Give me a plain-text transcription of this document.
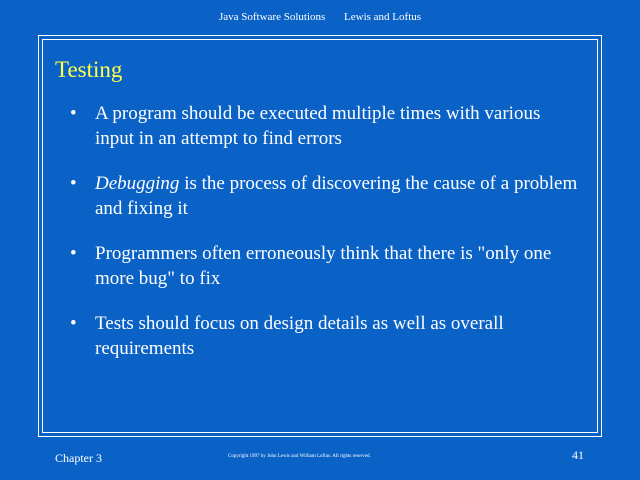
Java Software Solutions Lewis and Loftus
Testing
• A program should be executed multiple times with various input in an attempt to find errors
• Debugging is the process of discovering the cause of a problem and fixing it
• Programmers often erroneously think that there is "only one more bug" to fix
• Tests should focus on design details as well as overall requirements
Chapter 3	Copyright 1997 by John Lewis and William Loftus. All rights reserved.	41
